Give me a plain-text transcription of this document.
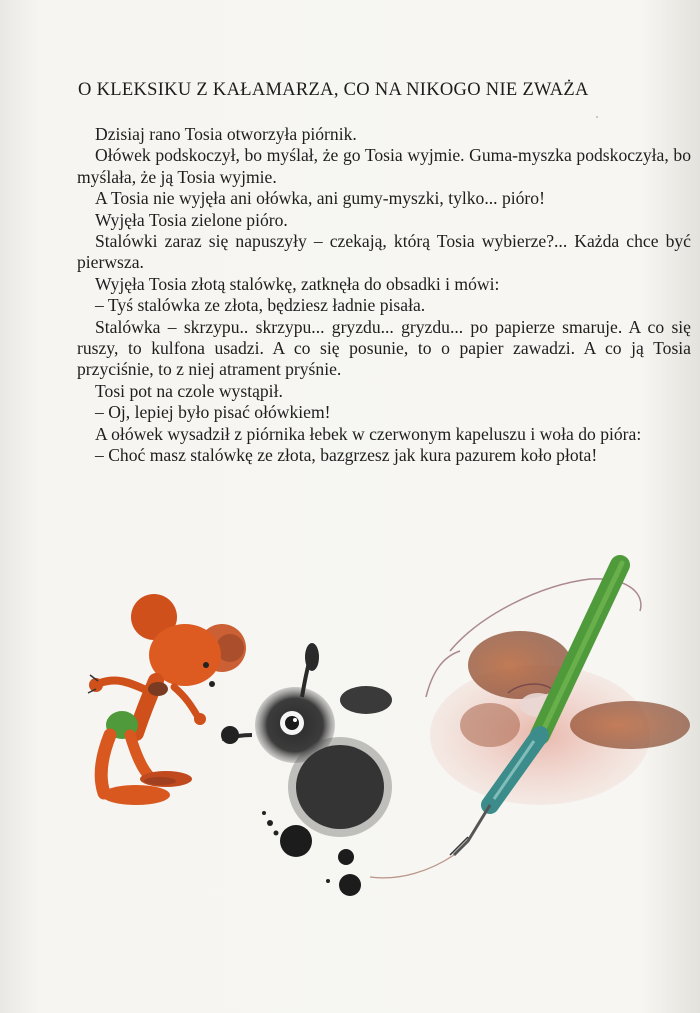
O KLEKSIKU Z KAŁAMARZA, CO NA NIKOGO NIE ZWAŻA

Dzisiaj rano Tosia otworzyła piórnik.

Ołówek podskoczył, bo myślał, że go Tosia wyjmie. Guma-myszka podskoczyła, bo myślała, że ją Tosia wyjmie.

A Tosia nie wyjęła ani ołówka, ani gumy-myszki, tylko... pióro!

Wyjęła Tosia zielone pióro.

Stalówki zaraz się napuszyły – czekają, którą Tosia wybierze?... Każda chce być pierwsza.

Wyjęła Tosia złotą stalówkę, zatknęła do obsadki i mówi:

– Tyś stalówka ze złota, będziesz ładnie pisała.

Stalówka – skrzypu.. skrzypu... gryzdu... gryzdu... po papierze smaruje. A co się ruszy, to kulfona usadzi. A co się posunie, to o papier zawadzi. A co ją Tosia przyciśnie, to z niej atrament pryśnie.

Tosi pot na czole wystąpił.

– Oj, lepiej było pisać ołówkiem!

A ołówek wysadził z piórnika łebek w czerwonym kapeluszu i woła do pióra:

– Choć masz stalówkę ze złota, bazgrzesz jak kura pazurem koło płota!
